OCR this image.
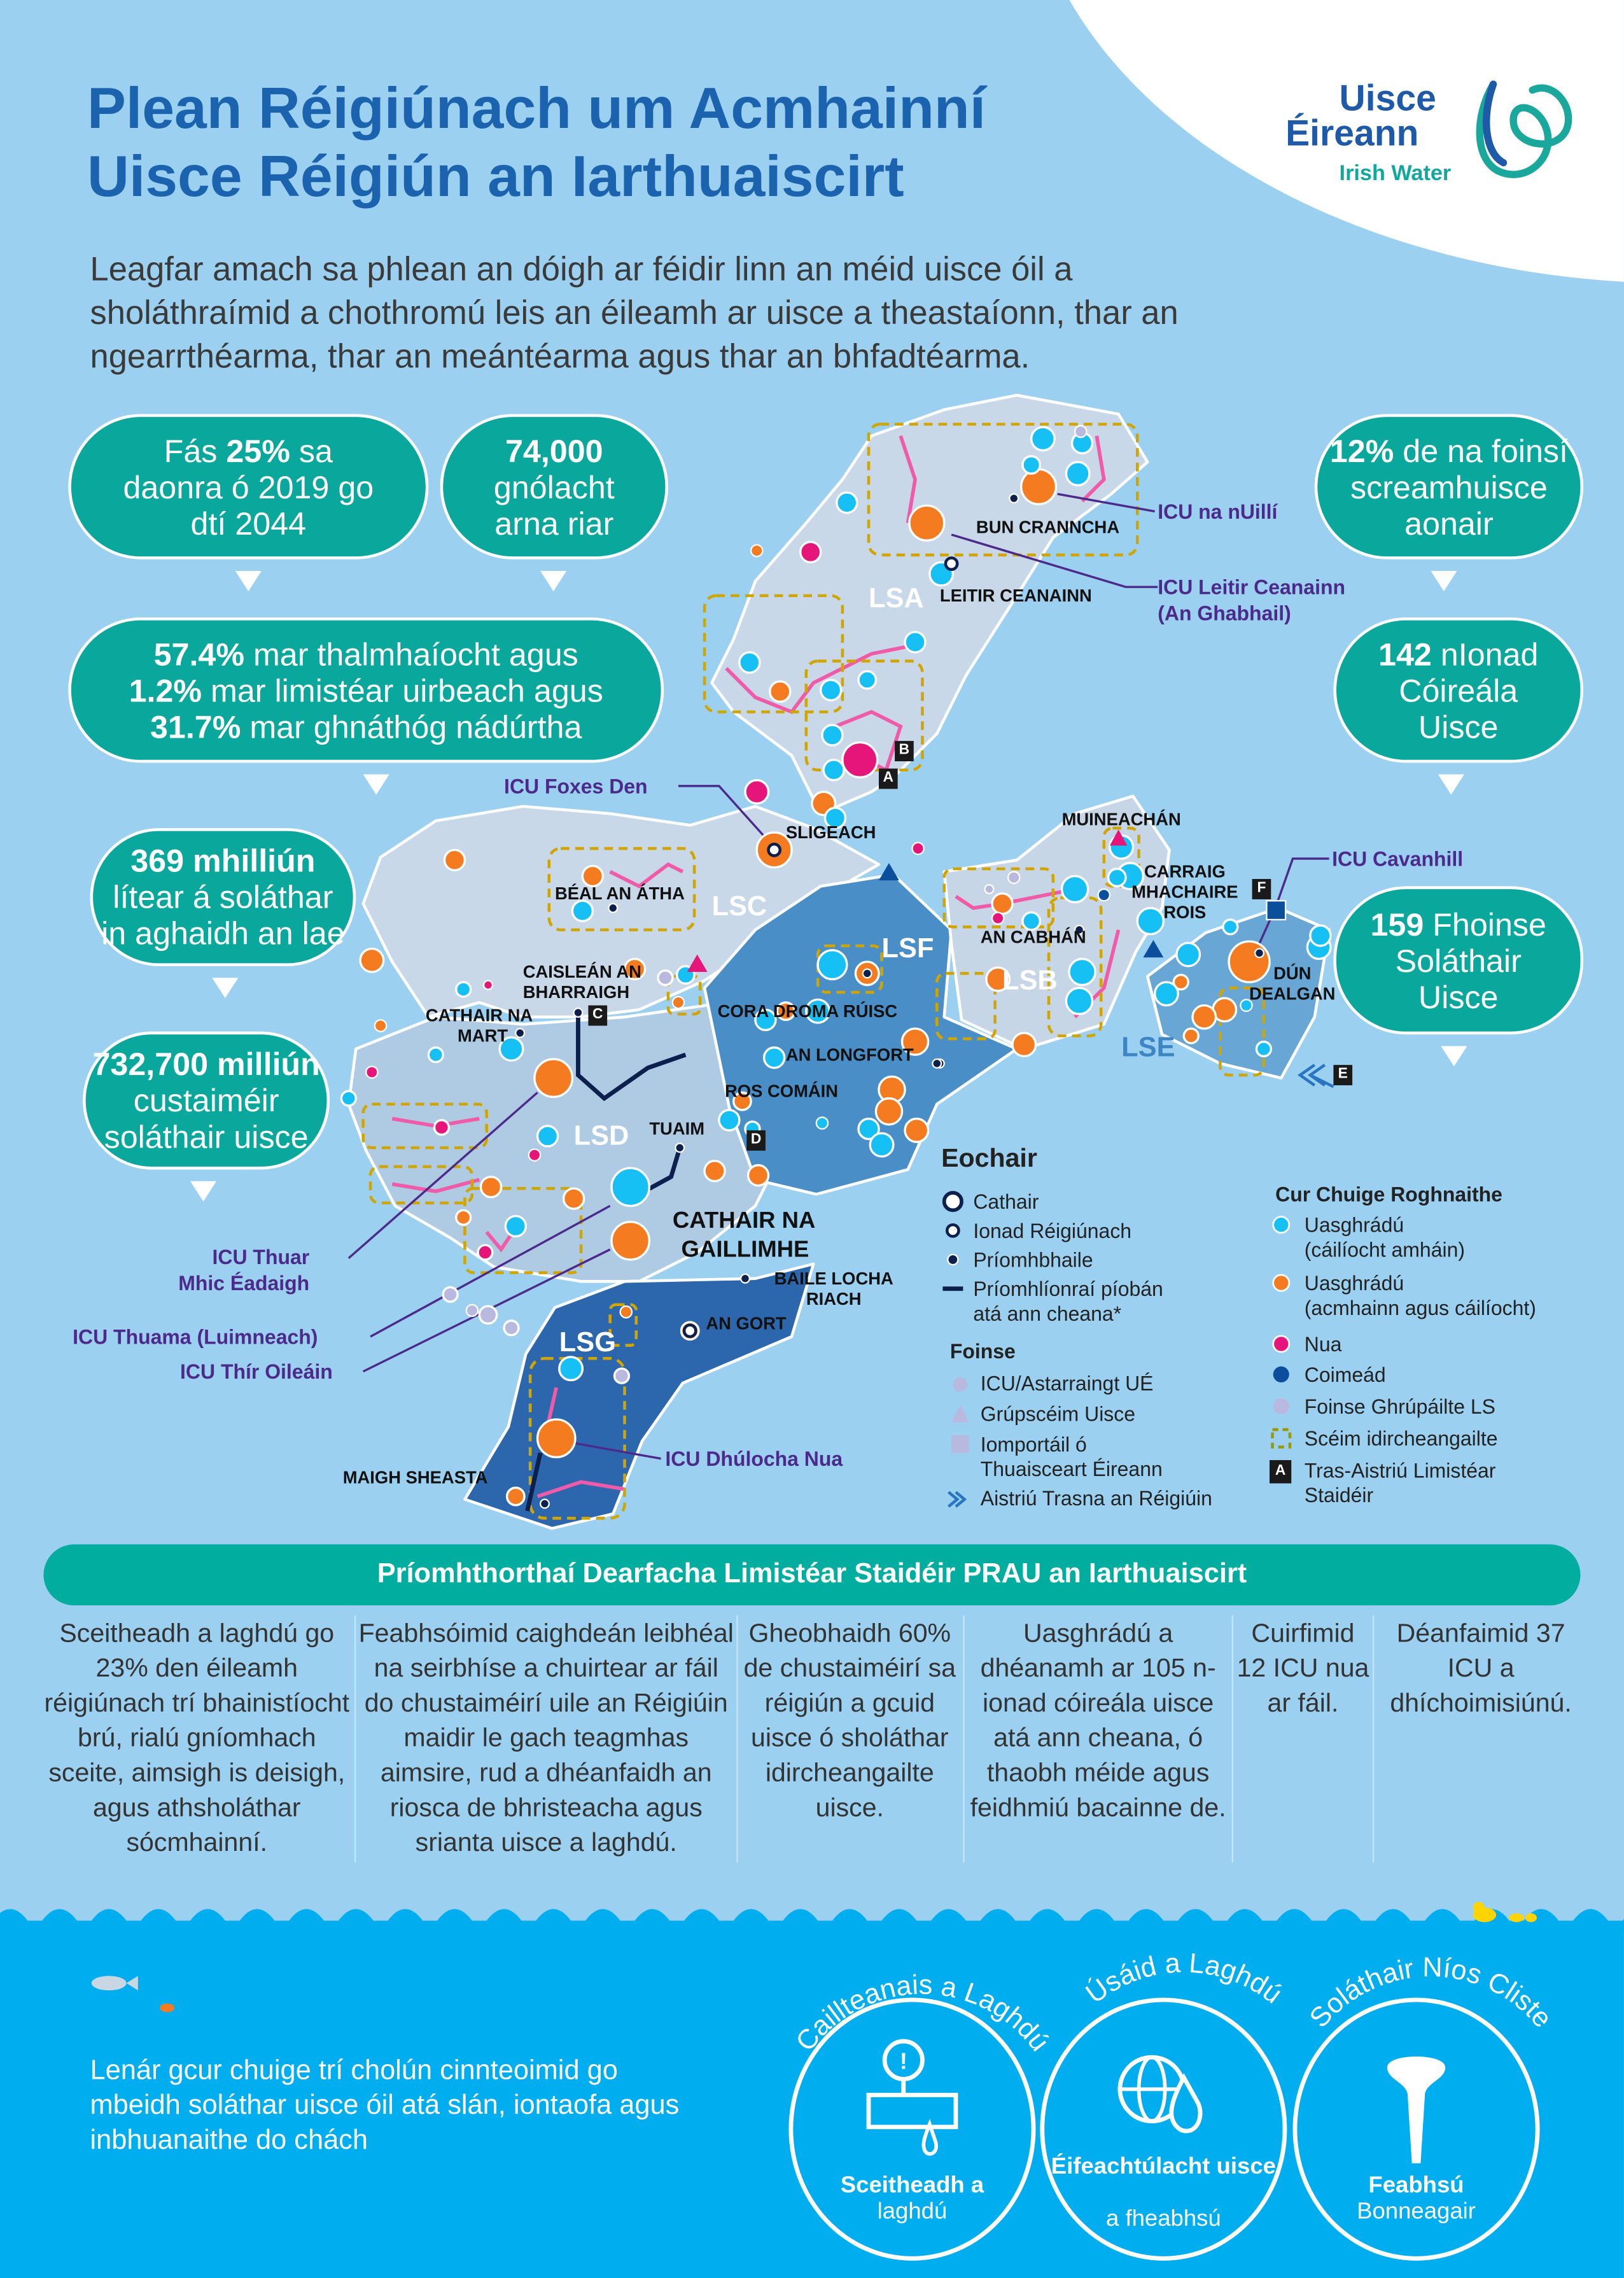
Plean Réigiúnach um Acmhainní
Uisce Réigiún an Iarthuaiscirt
Uisce
Éireann
Irish Water

Leagfar amach sa phlean an dóigh ar féidir linn an méid uisce óil a sholáthraímid a chothromú leis an éileamh ar uisce a theastaíonn, thar an ngearrthéarma, thar an meántéarma agus thar an bhfadtéarma.

Fás 25% sa
daonra ó 2019 go
dtí 2044
74,000
gnólacht
arna riar
57.4% mar thalmhaíocht agus
1.2% mar limistéar uirbeach agus
31.7% mar ghnáthóg nádúrtha
369 mhilliún
lítear á soláthar
in aghaidh an lae
732,700 milliún
custaiméir
soláthair uisce
12% de na foinsí
screamhuisce
aonair
142 nIonad
Cóireála
Uisce
159 Fhoinse
Soláthair
Uisce
LSA
LSC
LSF
LSB
LSD
LSE
LSG
BUN CRANNCHA
LEITIR CEANAINN
SLIGEACH
BÉAL AN ÁTHA
CAISLEÁN AN
BHARRAIGH
CATHAIR NA
MART
CORA DROMA RÚISC
AN LONGFORT
ROS COMÁIN
TUAIM
CATHAIR NA
GAILLIMHE
BAILE LOCHA
RIACH
AN GORT
MAIGH SHEASTA
MUINEACHÁN
CARRAIG
MHACHAIRE
ROIS
AN CABHÁN
DÚN
DEALGAN
ICU na nUillí
ICU Leitir Ceanainn
(An Ghabhail)
ICU Foxes Den
ICU Cavanhill
ICU Thuar
Mhic Éadaigh
ICU Thuama (Luimneach)
ICU Thír Oileáin
ICU Dhúlocha Nua
A
B
C
D
E
F
Eochair
Cathair
Ionad Réigiúnach
Príomhbhaile
Príomhlíonraí píobán
atá ann cheana*
Foinse
ICU/Astarraingt UÉ
Grúpscéim Uisce
Iomportáil ó
Thuaisceart Éireann
Aistriú Trasna an Réigiúin
Cur Chuige Roghnaithe
Uasghrádú
(cáilíocht amháin)
Uasghrádú
(acmhainn agus cáilíocht)
Nua
Coimeád
Foinse Ghrúpáilte LS
Scéim idircheangailte
A	Tras-Aistriú Limistéar
Staidéir
Príomhthorthaí Dearfacha Limistéar Staidéir PRAU an Iarthuaiscirt
Sceitheadh a laghdú go 23% den éileamh réigiúnach trí bhainistíocht brú, rialú gníomhach sceite, aimsigh is deisigh, agus athsholáthar sócmhainní.
Feabhsóimid caighdeán leibhéal na seirbhíse a chuirtear ar fáil do chustaiméirí uile an Réigiúin maidir le gach teagmhas aimsire, rud a dhéanfaidh an riosca de bhristeacha agus srianta uisce a laghdú.
Gheobhaidh 60% de chustaiméirí sa réigiún a gcuid uisce ó sholáthar idircheangailte uisce.
Uasghrádú a dhéanamh ar 105 n-ionad cóireála uisce atá ann cheana, ó thaobh méide agus feidhmiú bacainne de.
Cuirfimid 12 ICU nua ar fáil.
Déanfaimid 37 ICU a dhíchoimisiúnú.

Lenár gcur chuige trí cholún cinnteoimid go mbeidh soláthar uisce óil atá slán, iontaofa agus inbhuanaithe do chách

!
Sceitheadh a
laghdú
Éifeachtúlacht uisce
a fheabhsú
Feabhsú
Bonneagair
Caillteanais a Laghdú
Úsáid a Laghdú
Soláthair Níos Cliste
